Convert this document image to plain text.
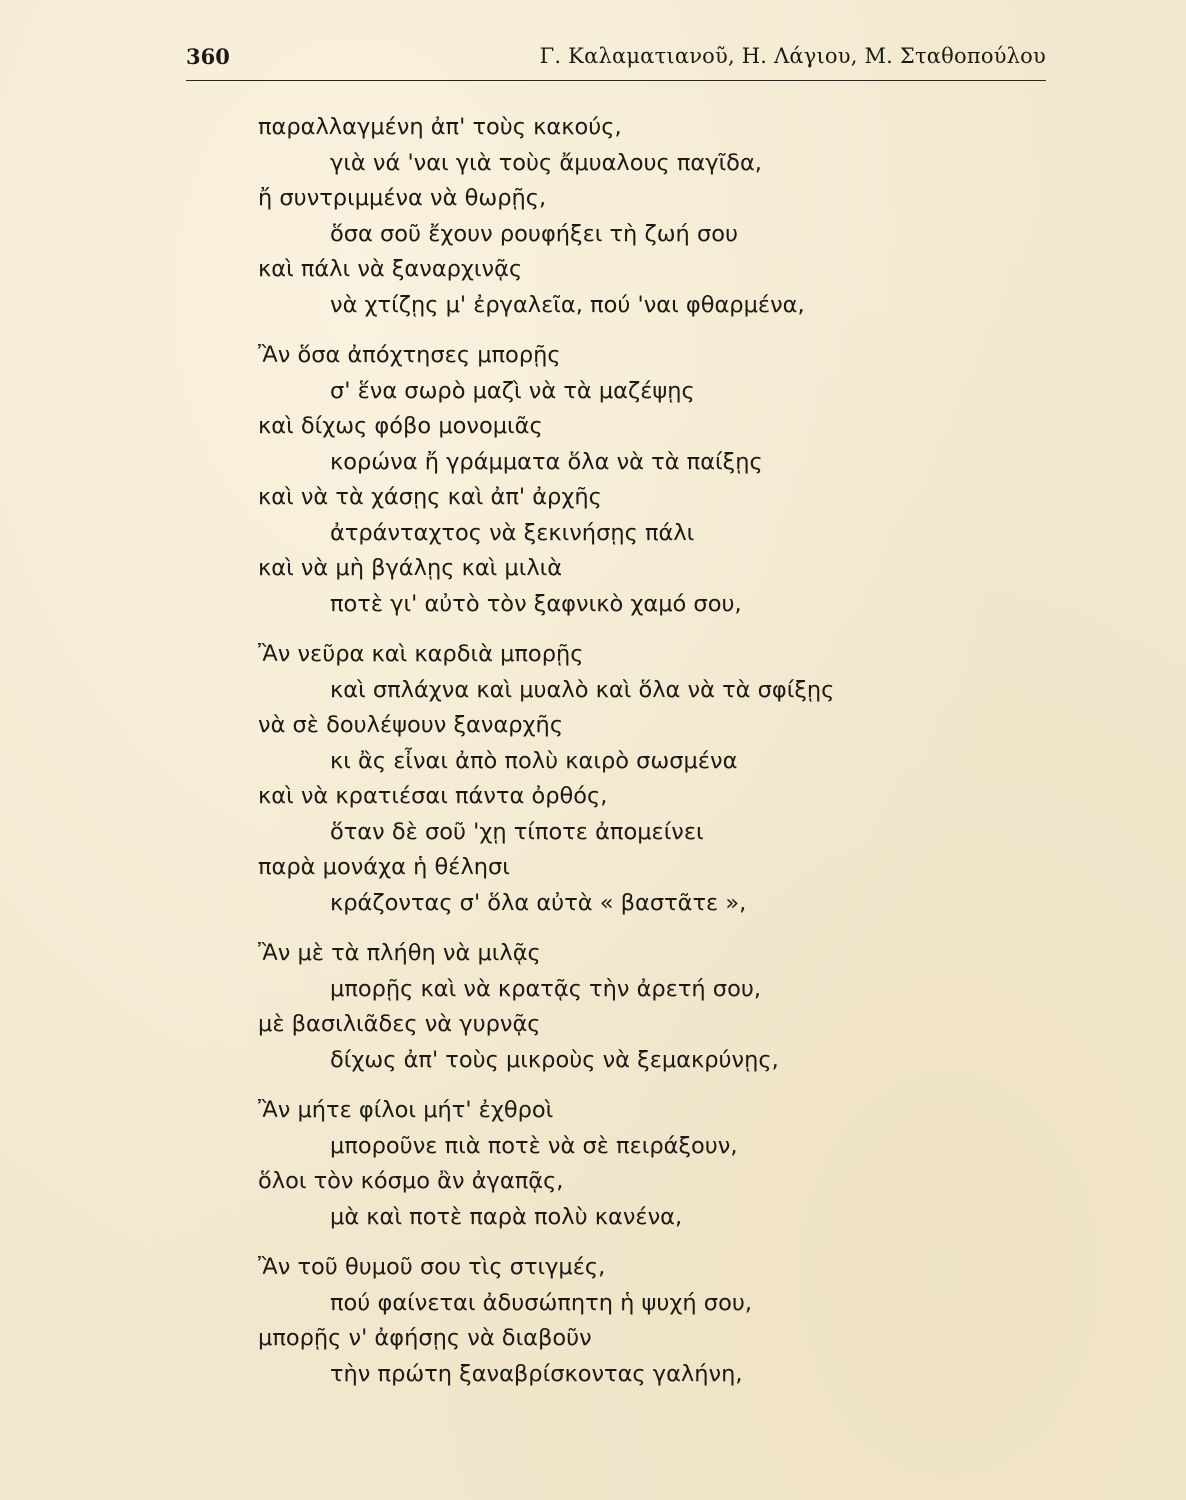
360	Γ. Καλαματιανοῦ, Η. Λάγιου, Μ. Σταθοπούλου
παραλλαγμένη ἀπ' τοὺς κακούς,
γιὰ νά 'ναι γιὰ τοὺς ἄμυαλους παγῖδα,
ἤ συντριμμένα νὰ θωρῇς,
ὅσα σοῦ ἔχουν ρουφήξει τὴ ζωή σου
καὶ πάλι νὰ ξαναρχινᾷς
νὰ χτίζῃς μ' ἐργαλεῖα, πού 'ναι φθαρμένα,
Ἂν ὅσα ἀπόχτησες μπορῇς
σ' ἕνα σωρὸ μαζὶ νὰ τὰ μαζέψῃς
καὶ δίχως φόβο μονομιᾶς
κορώνα ἤ γράμματα ὅλα νὰ τὰ παίξῃς
καὶ νὰ τὰ χάσῃς καὶ ἀπ' ἀρχῆς
ἀτράνταχτος νὰ ξεκινήσῃς πάλι
καὶ νὰ μὴ βγάλῃς καὶ μιλιὰ
ποτὲ γι' αὐτὸ τὸν ξαφνικὸ χαμό σου,
Ἂν νεῦρα καὶ καρδιὰ μπορῇς
καὶ σπλάχνα καὶ μυαλὸ καὶ ὅλα νὰ τὰ σφίξῃς
νὰ σὲ δουλέψουν ξαναρχῆς
κι ἂς εἶναι ἀπὸ πολὺ καιρὸ σωσμένα
καὶ νὰ κρατιέσαι πάντα ὀρθός,
ὅταν δὲ σοῦ 'χῃ τίποτε ἀπομείνει
παρὰ μονάχα ἡ θέλησι
κράζοντας σ' ὅλα αὐτὰ « βαστᾶτε »,
Ἂν μὲ τὰ πλήθη νὰ μιλᾷς
μπορῇς καὶ νὰ κρατᾷς τὴν ἀρετή σου,
μὲ βασιλιᾶδες νὰ γυρνᾷς
δίχως ἀπ' τοὺς μικροὺς νὰ ξεμακρύνῃς,
Ἂν μήτε φίλοι μήτ' ἐχθροὶ
μποροῦνε πιὰ ποτὲ νὰ σὲ πειράξουν,
ὅλοι τὸν κόσμο ἂν ἀγαπᾷς,
μὰ καὶ ποτὲ παρὰ πολὺ κανένα,
Ἂν τοῦ θυμοῦ σου τὶς στιγμές,
πού φαίνεται ἀδυσώπητη ἡ ψυχή σου,
μπορῇς ν' ἀφήσῃς νὰ διαβοῦν
τὴν πρώτη ξαναβρίσκοντας γαλήνη,
